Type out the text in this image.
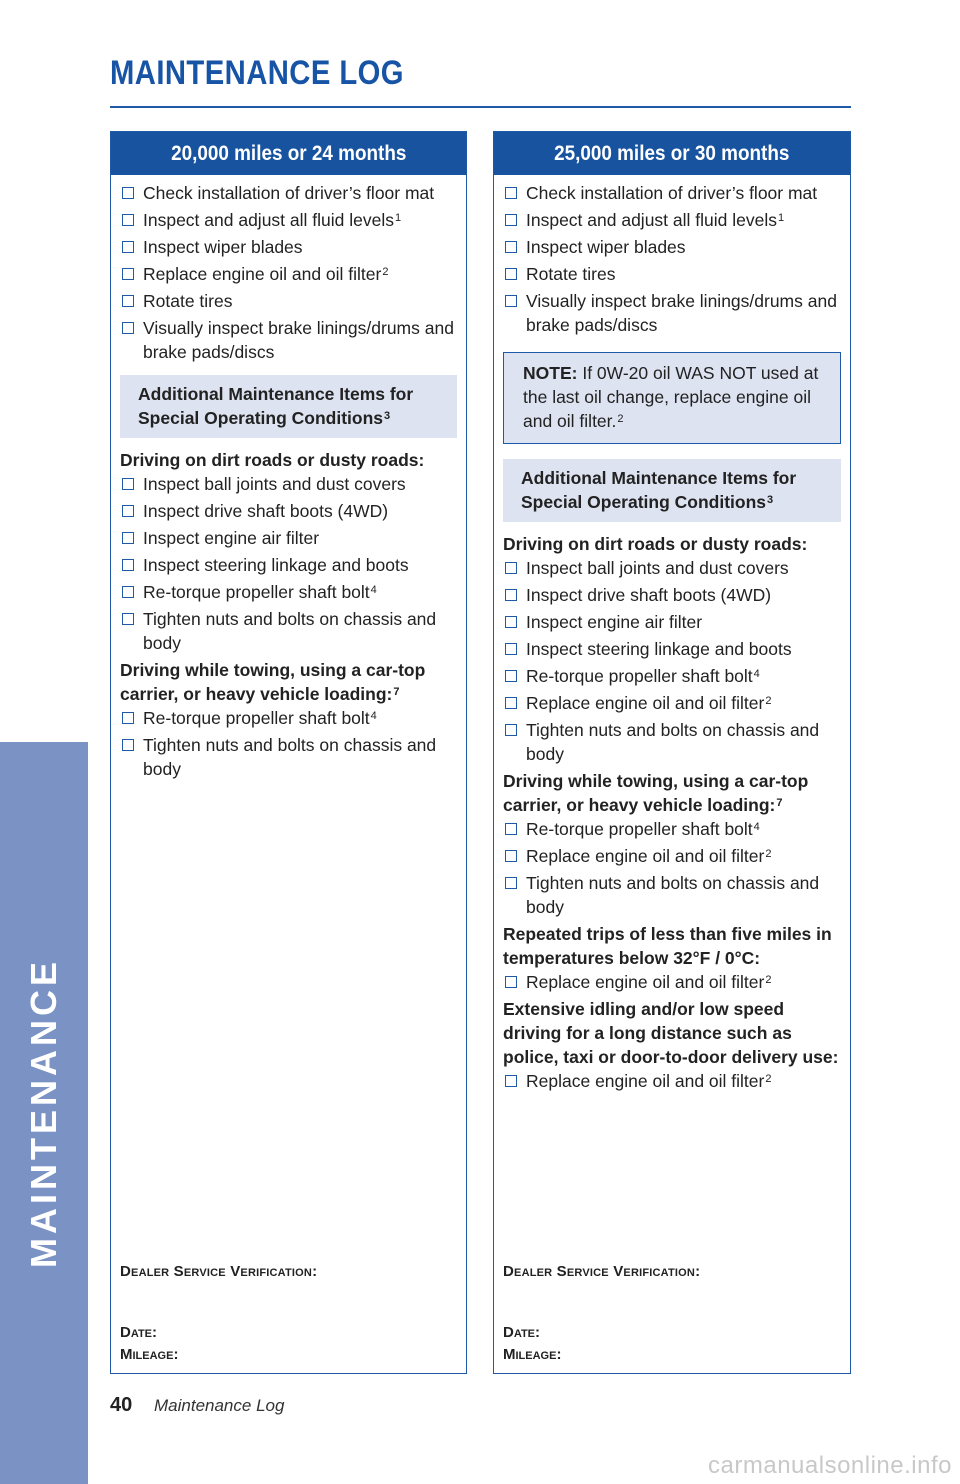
MAINTENANCE LOG
MAINTENANCE
20,000 miles or 24 months
Check installation of driver’s floor mat
Inspect and adjust all fluid levels$^1$
Inspect wiper blades
Replace engine oil and oil filter$^2$
Rotate tires
Visually inspect brake linings/drums and brake pads/discs
Additional Maintenance Items for Special Operating Conditions$^3$
Driving on dirt roads or dusty roads:
Inspect ball joints and dust covers
Inspect drive shaft boots (4WD)
Inspect engine air filter
Inspect steering linkage and boots
Re-torque propeller shaft bolt$^4$
Tighten nuts and bolts on chassis and body
Driving while towing, using a car-top carrier, or heavy vehicle loading:$^7$
Re-torque propeller shaft bolt$^4$
Tighten nuts and bolts on chassis and body
Dealer Service Verification:
Date:
Mileage:
25,000 miles or 30 months
Check installation of driver’s floor mat
Inspect and adjust all fluid levels$^1$
Inspect wiper blades
Rotate tires
Visually inspect brake linings/drums and brake pads/discs
NOTE: If 0W-20 oil WAS NOT used at the last oil change, replace engine oil and oil filter.$^2$
Additional Maintenance Items for Special Operating Conditions$^3$
Driving on dirt roads or dusty roads:
Inspect ball joints and dust covers
Inspect drive shaft boots (4WD)
Inspect engine air filter
Inspect steering linkage and boots
Re-torque propeller shaft bolt$^4$
Replace engine oil and oil filter$^2$
Tighten nuts and bolts on chassis and body
Driving while towing, using a car-top carrier, or heavy vehicle loading:$^7$
Re-torque propeller shaft bolt$^4$
Replace engine oil and oil filter$^2$
Tighten nuts and bolts on chassis and body
Repeated trips of less than five miles in temperatures below 32°F / 0°C:
Replace engine oil and oil filter$^2$
Extensive idling and/or low speed driving for a long distance such as police, taxi or door-to-door delivery use:
Replace engine oil and oil filter$^2$
Dealer Service Verification:
Date:
Mileage:
40 Maintenance Log
carmanualsonline.info
